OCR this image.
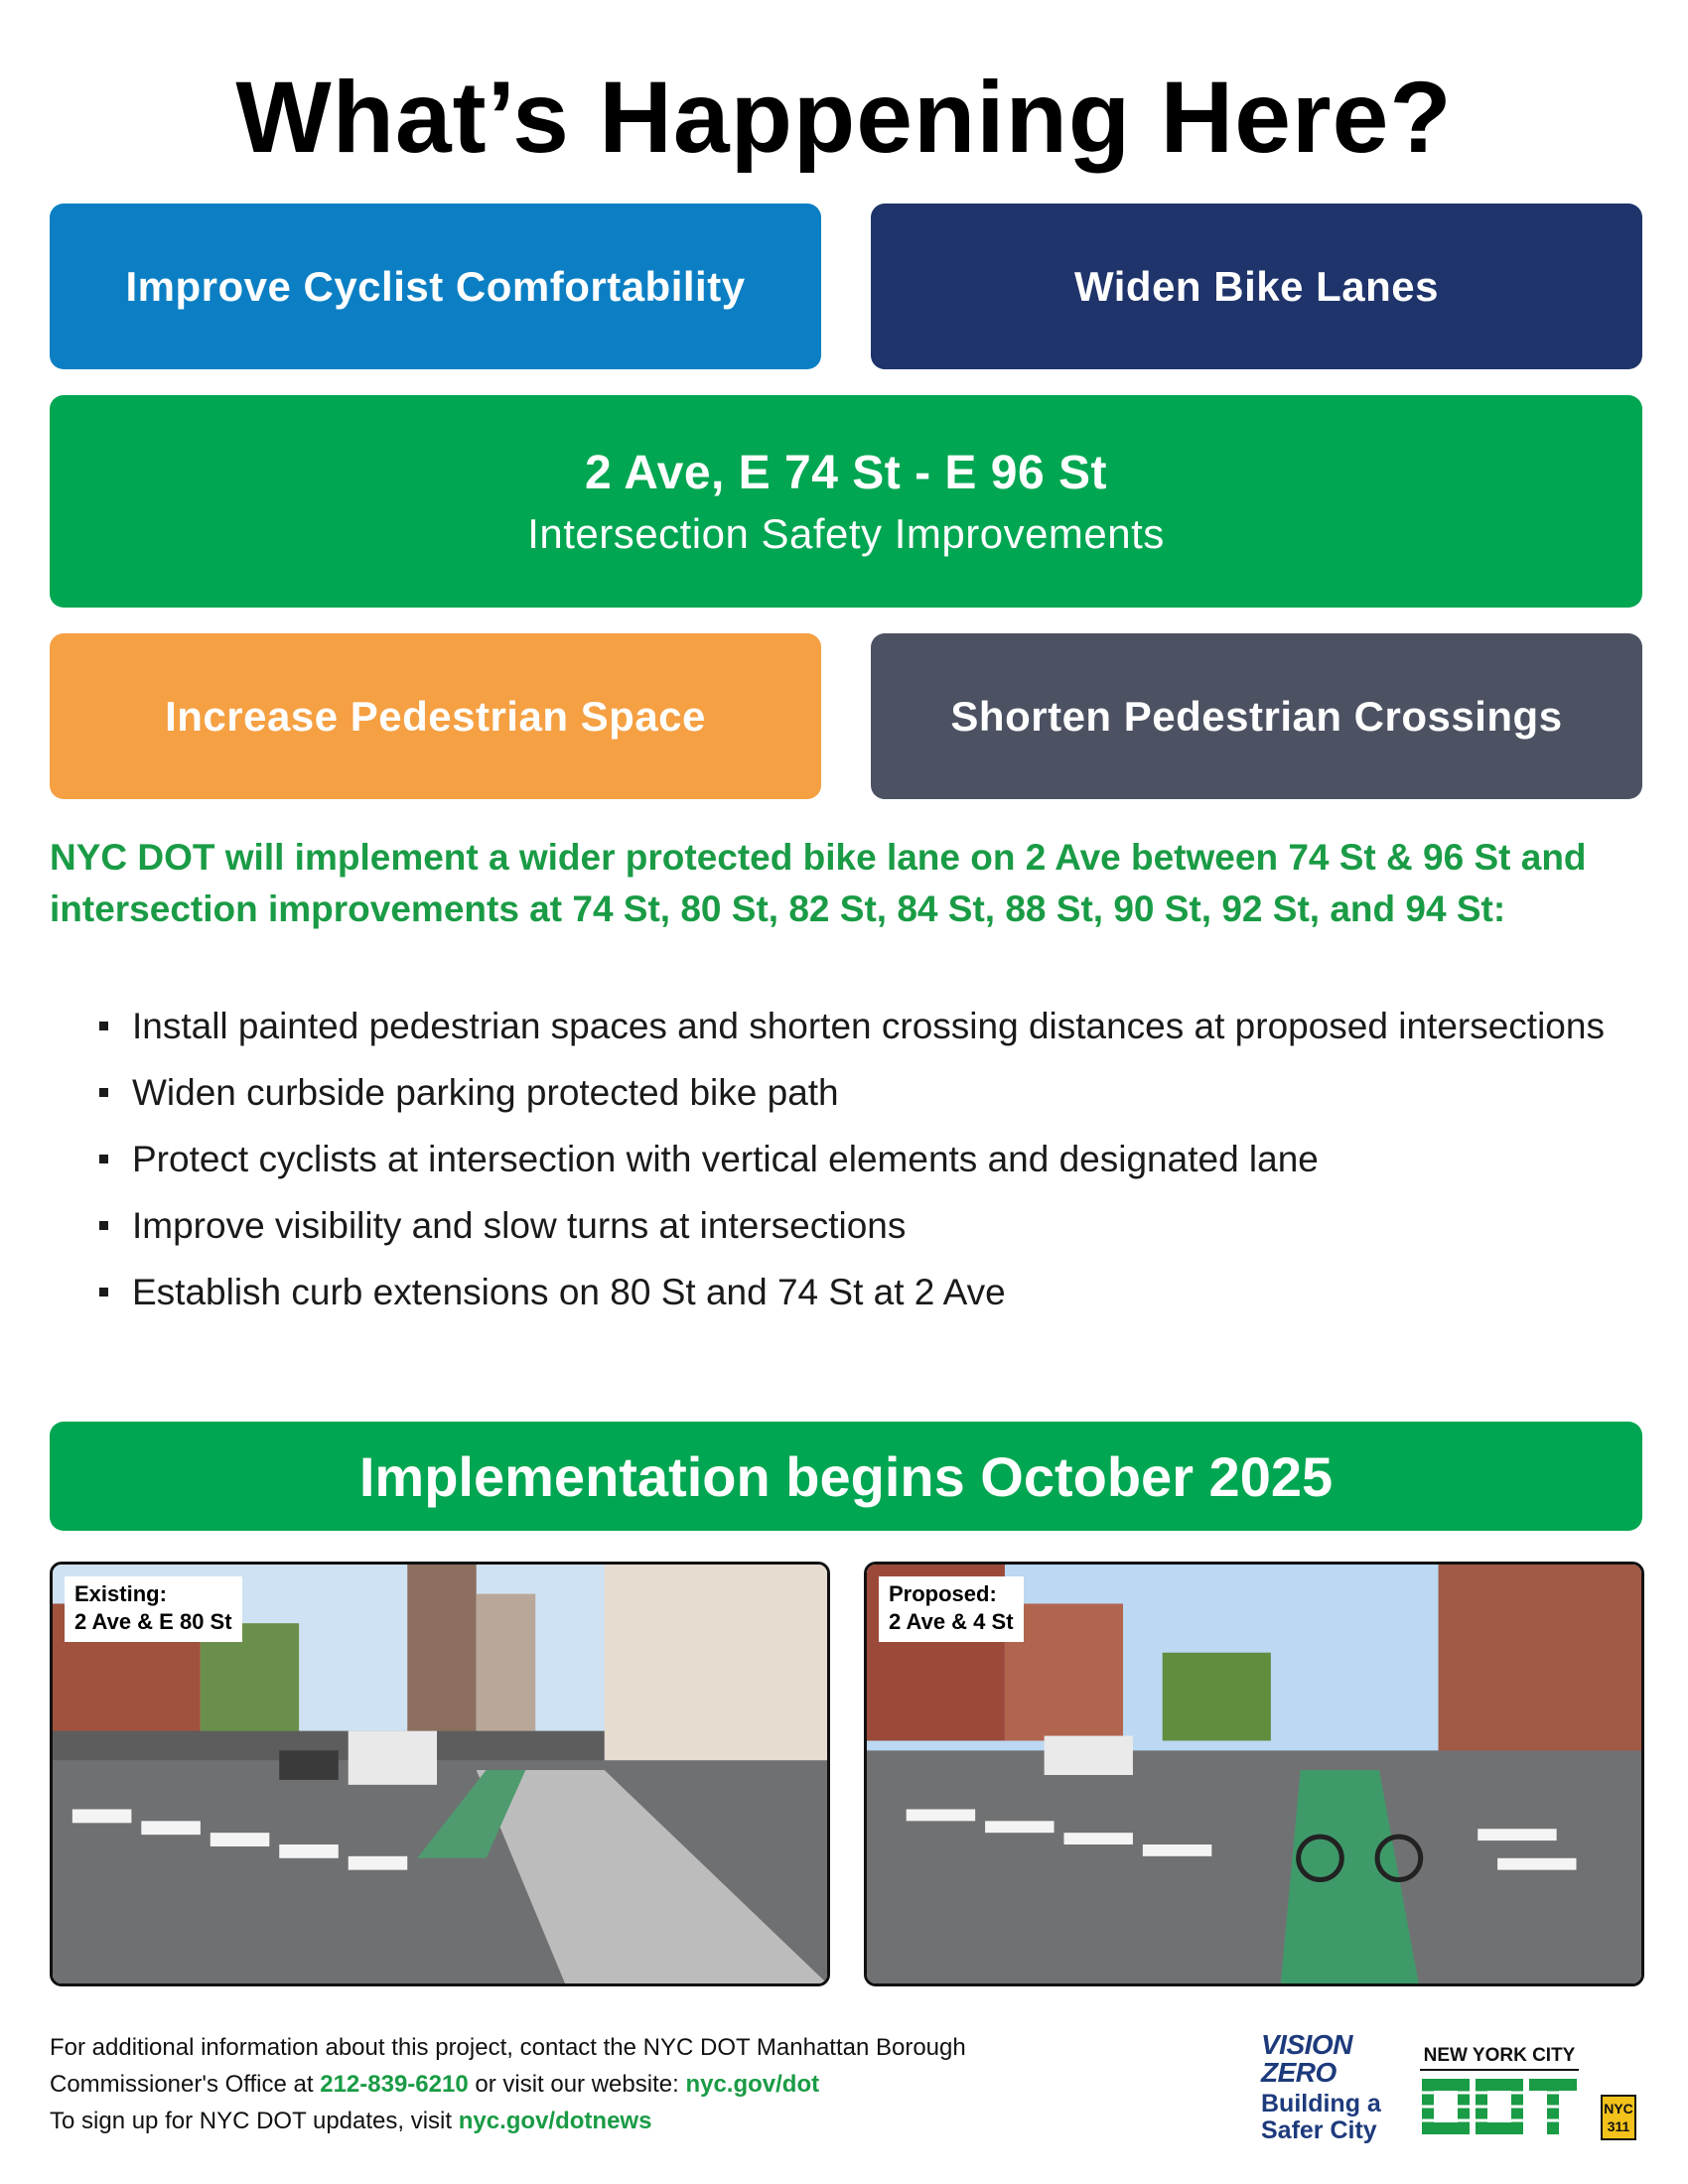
What’s Happening Here?
Improve Cyclist Comfortability	Widen Bike Lanes
2 Ave, E 74 St - E 96 St
Intersection Safety Improvements
Increase Pedestrian Space	Shorten Pedestrian Crossings
NYC DOT will implement a wider protected bike lane on 2 Ave between 74 St & 96 St and intersection improvements at 74 St, 80 St, 82 St, 84 St, 88 St, 90 St, 92 St, and 94 St:
Install painted pedestrian spaces and shorten crossing distances at proposed intersections
Widen curbside parking protected bike path
Protect cyclists at intersection with vertical elements and designated lane
Improve visibility and slow turns at intersections
Establish curb extensions on 80 St and 74 St at 2 Ave
Implementation begins October 2025
Existing:
2 Ave & E 80 St
Proposed:
2 Ave & 4 St
For additional information about this project, contact the NYC DOT Manhattan Borough
Commissioner's Office at 212-839-6210 or visit our website: nyc.gov/dot
To sign up for NYC DOT updates, visit nyc.gov/dotnews
VISION
ZERO
Building a
Safer City
NEW YORK CITY
NYC
311
